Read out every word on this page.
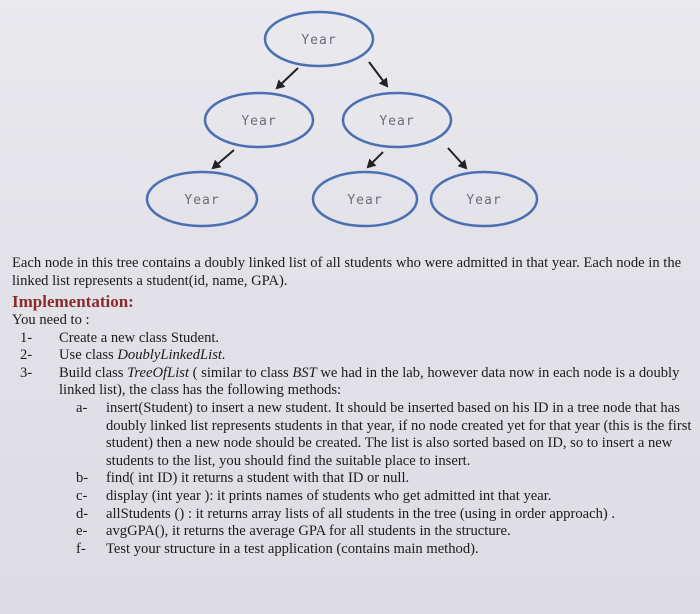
Year
Year	Year
Year	Year	Year

Each node in this tree contains a doubly linked list of all students who were admitted in that year. Each node in the linked list represents a student(id, name, GPA).

Implementation:

You need to :

1- Create a new class Student.
2- Use class DoublyLinkedList.
3- Build class TreeOfList ( similar to class BST we had in the lab, however data now in each node is a doubly linked list), the class has the following methods:
a- insert(Student) to insert a new student. It should be inserted based on his ID in a tree node that has doubly linked list represents students in that year, if no node created yet for that year (this is the first student) then a new node should be created. The list is also sorted based on ID, so to insert a new students to the list, you should find the suitable place to insert.
b- find( int ID) it returns a student with that ID or null.
c- display (int year ): it prints names of students who get admitted int that year.
d- allStudents () : it returns array lists of all students in the tree (using in order approach) .
e- avgGPA(), it returns the average GPA for all students in the structure.
f- Test your structure in a test application (contains main method).
